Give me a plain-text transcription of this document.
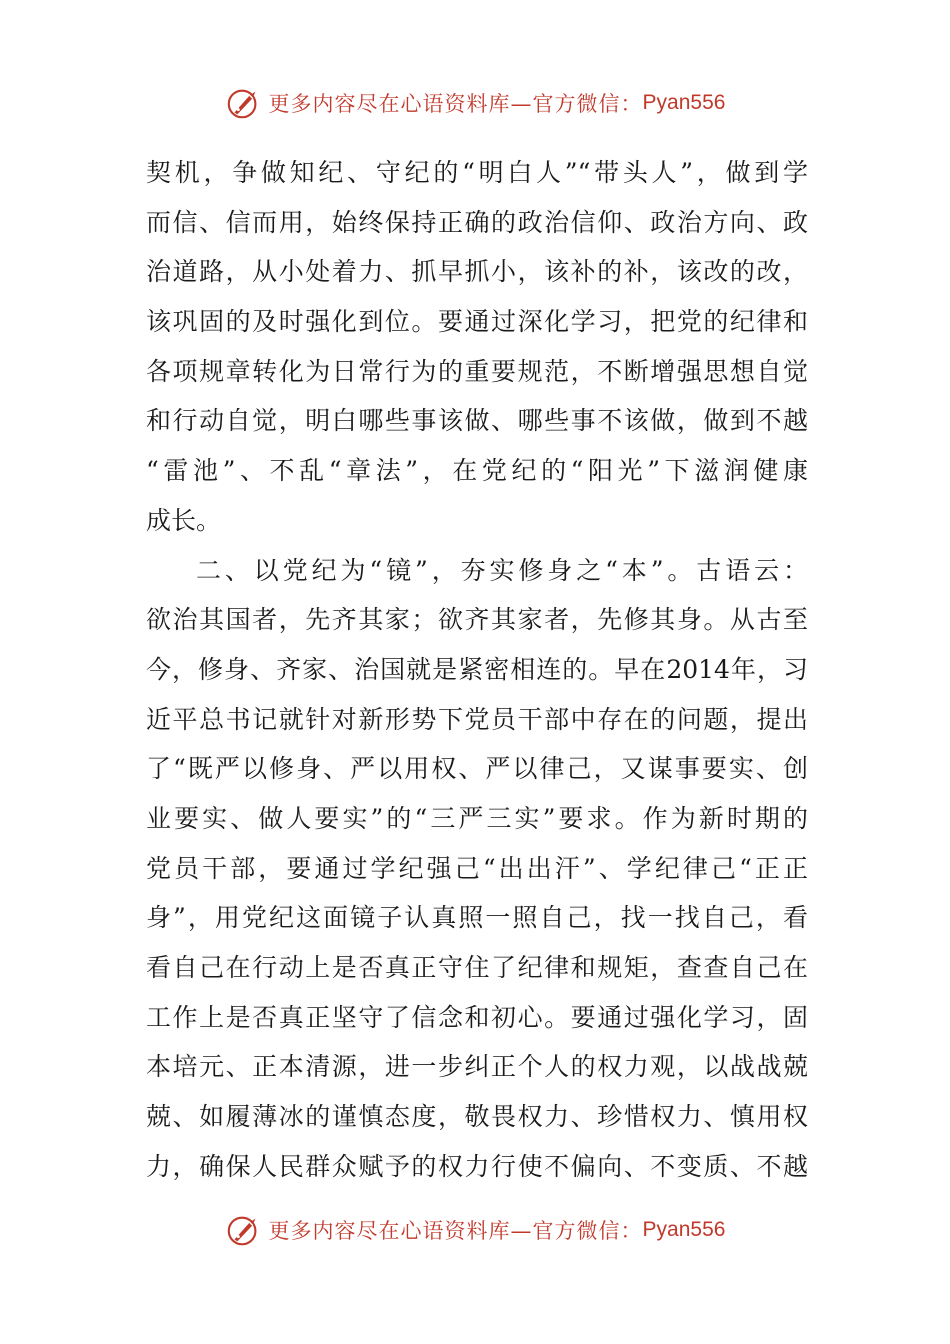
更多内容尽在心语资料库—官方微信： Pyan556
契机，争做知纪、守纪的“明白人”“带头人”，做到学
而信、信而用，始终保持正确的政治信仰、政治方向、政
治道路，从小处着力、抓早抓小，该补的补，该改的改，
该巩固的及时强化到位。要通过深化学习，把党的纪律和
各项规章转化为日常行为的重要规范，不断增强思想自觉
和行动自觉，明白哪些事该做、哪些事不该做，做到不越
“雷池”、不乱“章法”，在党纪的“阳光”下滋润健康
成长。
二、以党纪为“镜”，夯实修身之“本”。古语云：
欲治其国者，先齐其家；欲齐其家者，先修其身。从古至
今，修身、齐家、治国就是紧密相连的。早在2014年，习
近平总书记就针对新形势下党员干部中存在的问题，提出
了“既严以修身、严以用权、严以律己，又谋事要实、创
业要实、做人要实”的“三严三实”要求。作为新时期的
党员干部，要通过学纪强己“出出汗”、学纪律己“正正
身”，用党纪这面镜子认真照一照自己，找一找自己，看
看自己在行动上是否真正守住了纪律和规矩，查查自己在
工作上是否真正坚守了信念和初心。要通过强化学习，固
本培元、正本清源，进一步纠正个人的权力观，以战战兢
兢、如履薄冰的谨慎态度，敬畏权力、珍惜权力、慎用权
力，确保人民群众赋予的权力行使不偏向、不变质、不越
更多内容尽在心语资料库—官方微信： Pyan556
